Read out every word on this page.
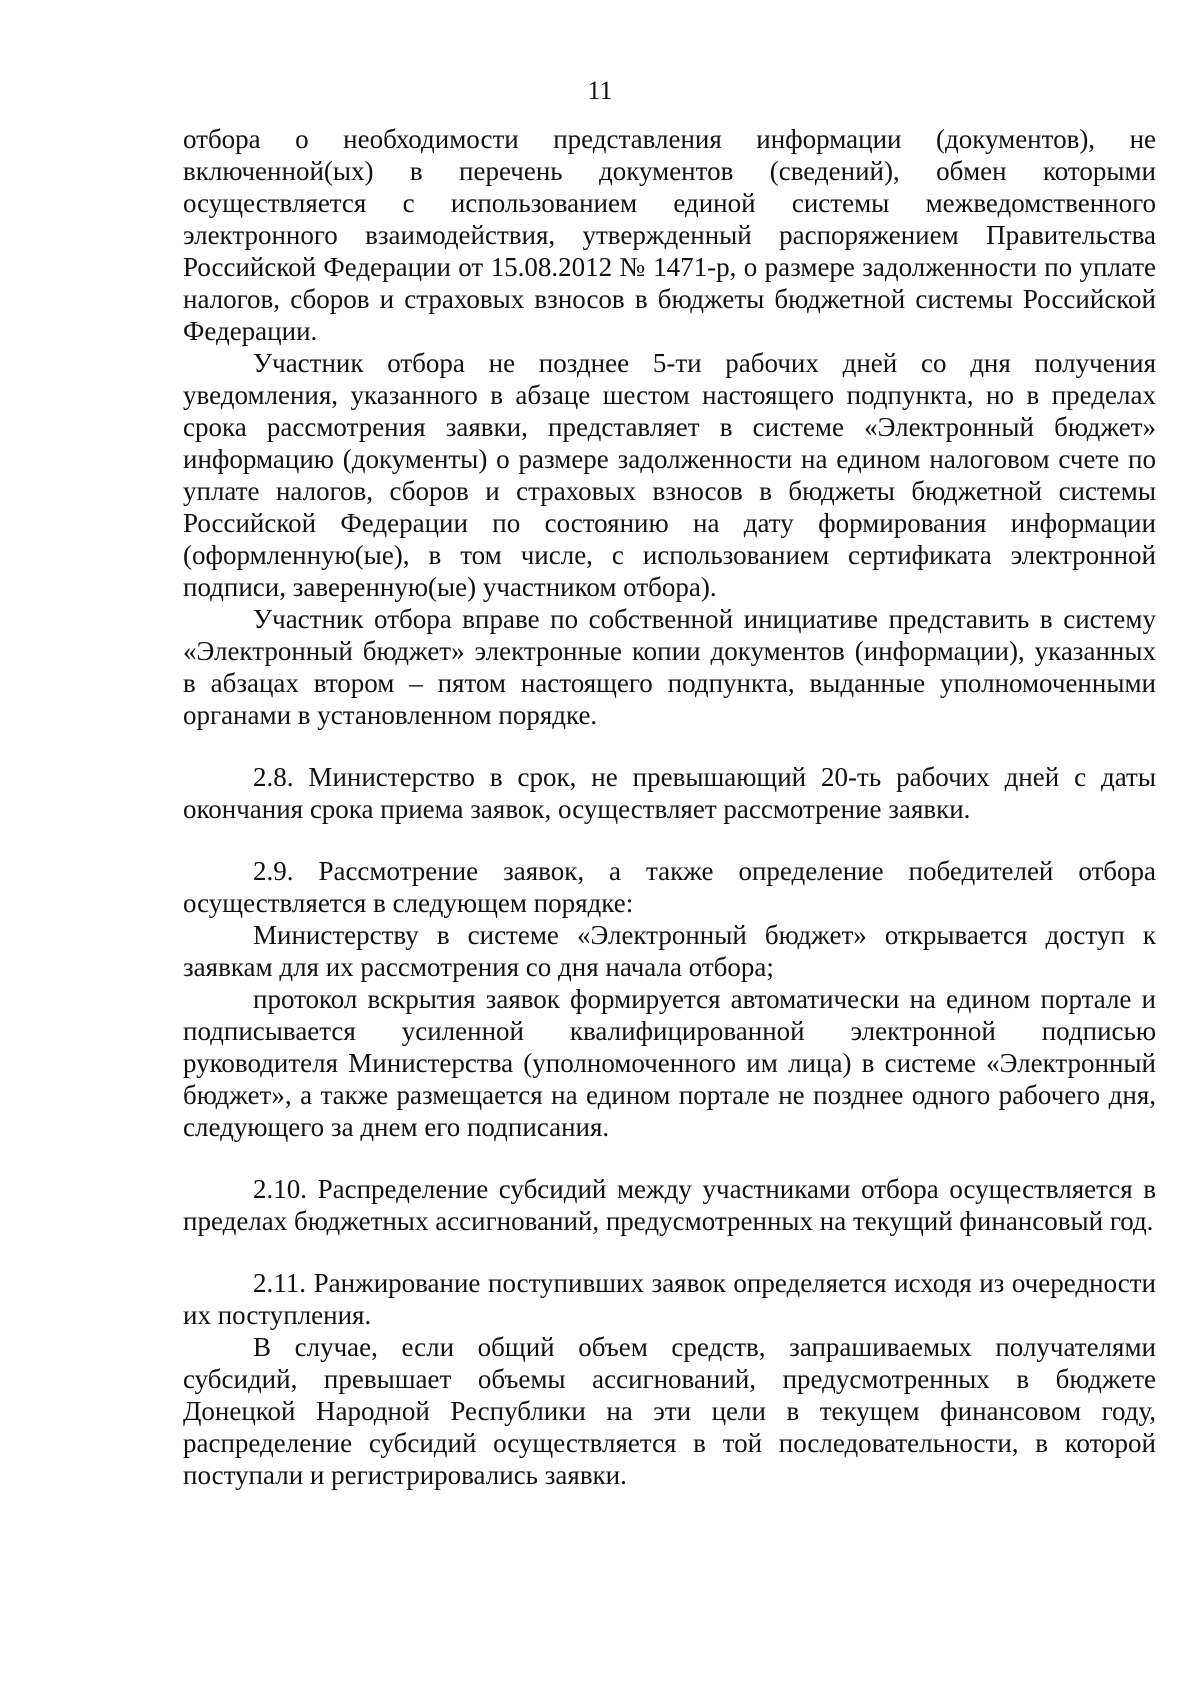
11

отбора о необходимости представления информации (документов), не включенной(ых) в перечень документов (сведений), обмен которыми осуществляется с использованием единой системы межведомственного электронного взаимодействия, утвержденный распоряжением Правительства Российской Федерации от 15.08.2012 № 1471-р, о размере задолженности по уплате налогов, сборов и страховых взносов в бюджеты бюджетной системы Российской Федерации.

Участник отбора не позднее 5-ти рабочих дней со дня получения уведомления, указанного в абзаце шестом настоящего подпункта, но в пределах срока рассмотрения заявки, представляет в системе «Электронный бюджет» информацию (документы) о размере задолженности на едином налоговом счете по уплате налогов, сборов и страховых взносов в бюджеты бюджетной системы Российской Федерации по состоянию на дату формирования информации (оформленную(ые), в том числе, с использованием сертификата электронной подписи, заверенную(ые) участником отбора).

Участник отбора вправе по собственной инициативе представить в систему «Электронный бюджет» электронные копии документов (информации), указанных в абзацах втором – пятом настоящего подпункта, выданные уполномоченными органами в установленном порядке.

2.8. Министерство в срок, не превышающий 20-ть рабочих дней с даты окончания срока приема заявок, осуществляет рассмотрение заявки.

2.9. Рассмотрение заявок, а также определение победителей отбора осуществляется в следующем порядке:

Министерству в системе «Электронный бюджет» открывается доступ к заявкам для их рассмотрения со дня начала отбора;

протокол вскрытия заявок формируется автоматически на едином портале и подписывается усиленной квалифицированной электронной подписью руководителя Министерства (уполномоченного им лица) в системе «Электронный бюджет», а также размещается на едином портале не позднее одного рабочего дня, следующего за днем его подписания.

2.10. Распределение субсидий между участниками отбора осуществляется в пределах бюджетных ассигнований, предусмотренных на текущий финансовый год.

2.11. Ранжирование поступивших заявок определяется исходя из очередности их поступления.

В случае, если общий объем средств, запрашиваемых получателями субсидий, превышает объемы ассигнований, предусмотренных в бюджете Донецкой Народной Республики на эти цели в текущем финансовом году, распределение субсидий осуществляется в той последовательности, в которой поступали и регистрировались заявки.
